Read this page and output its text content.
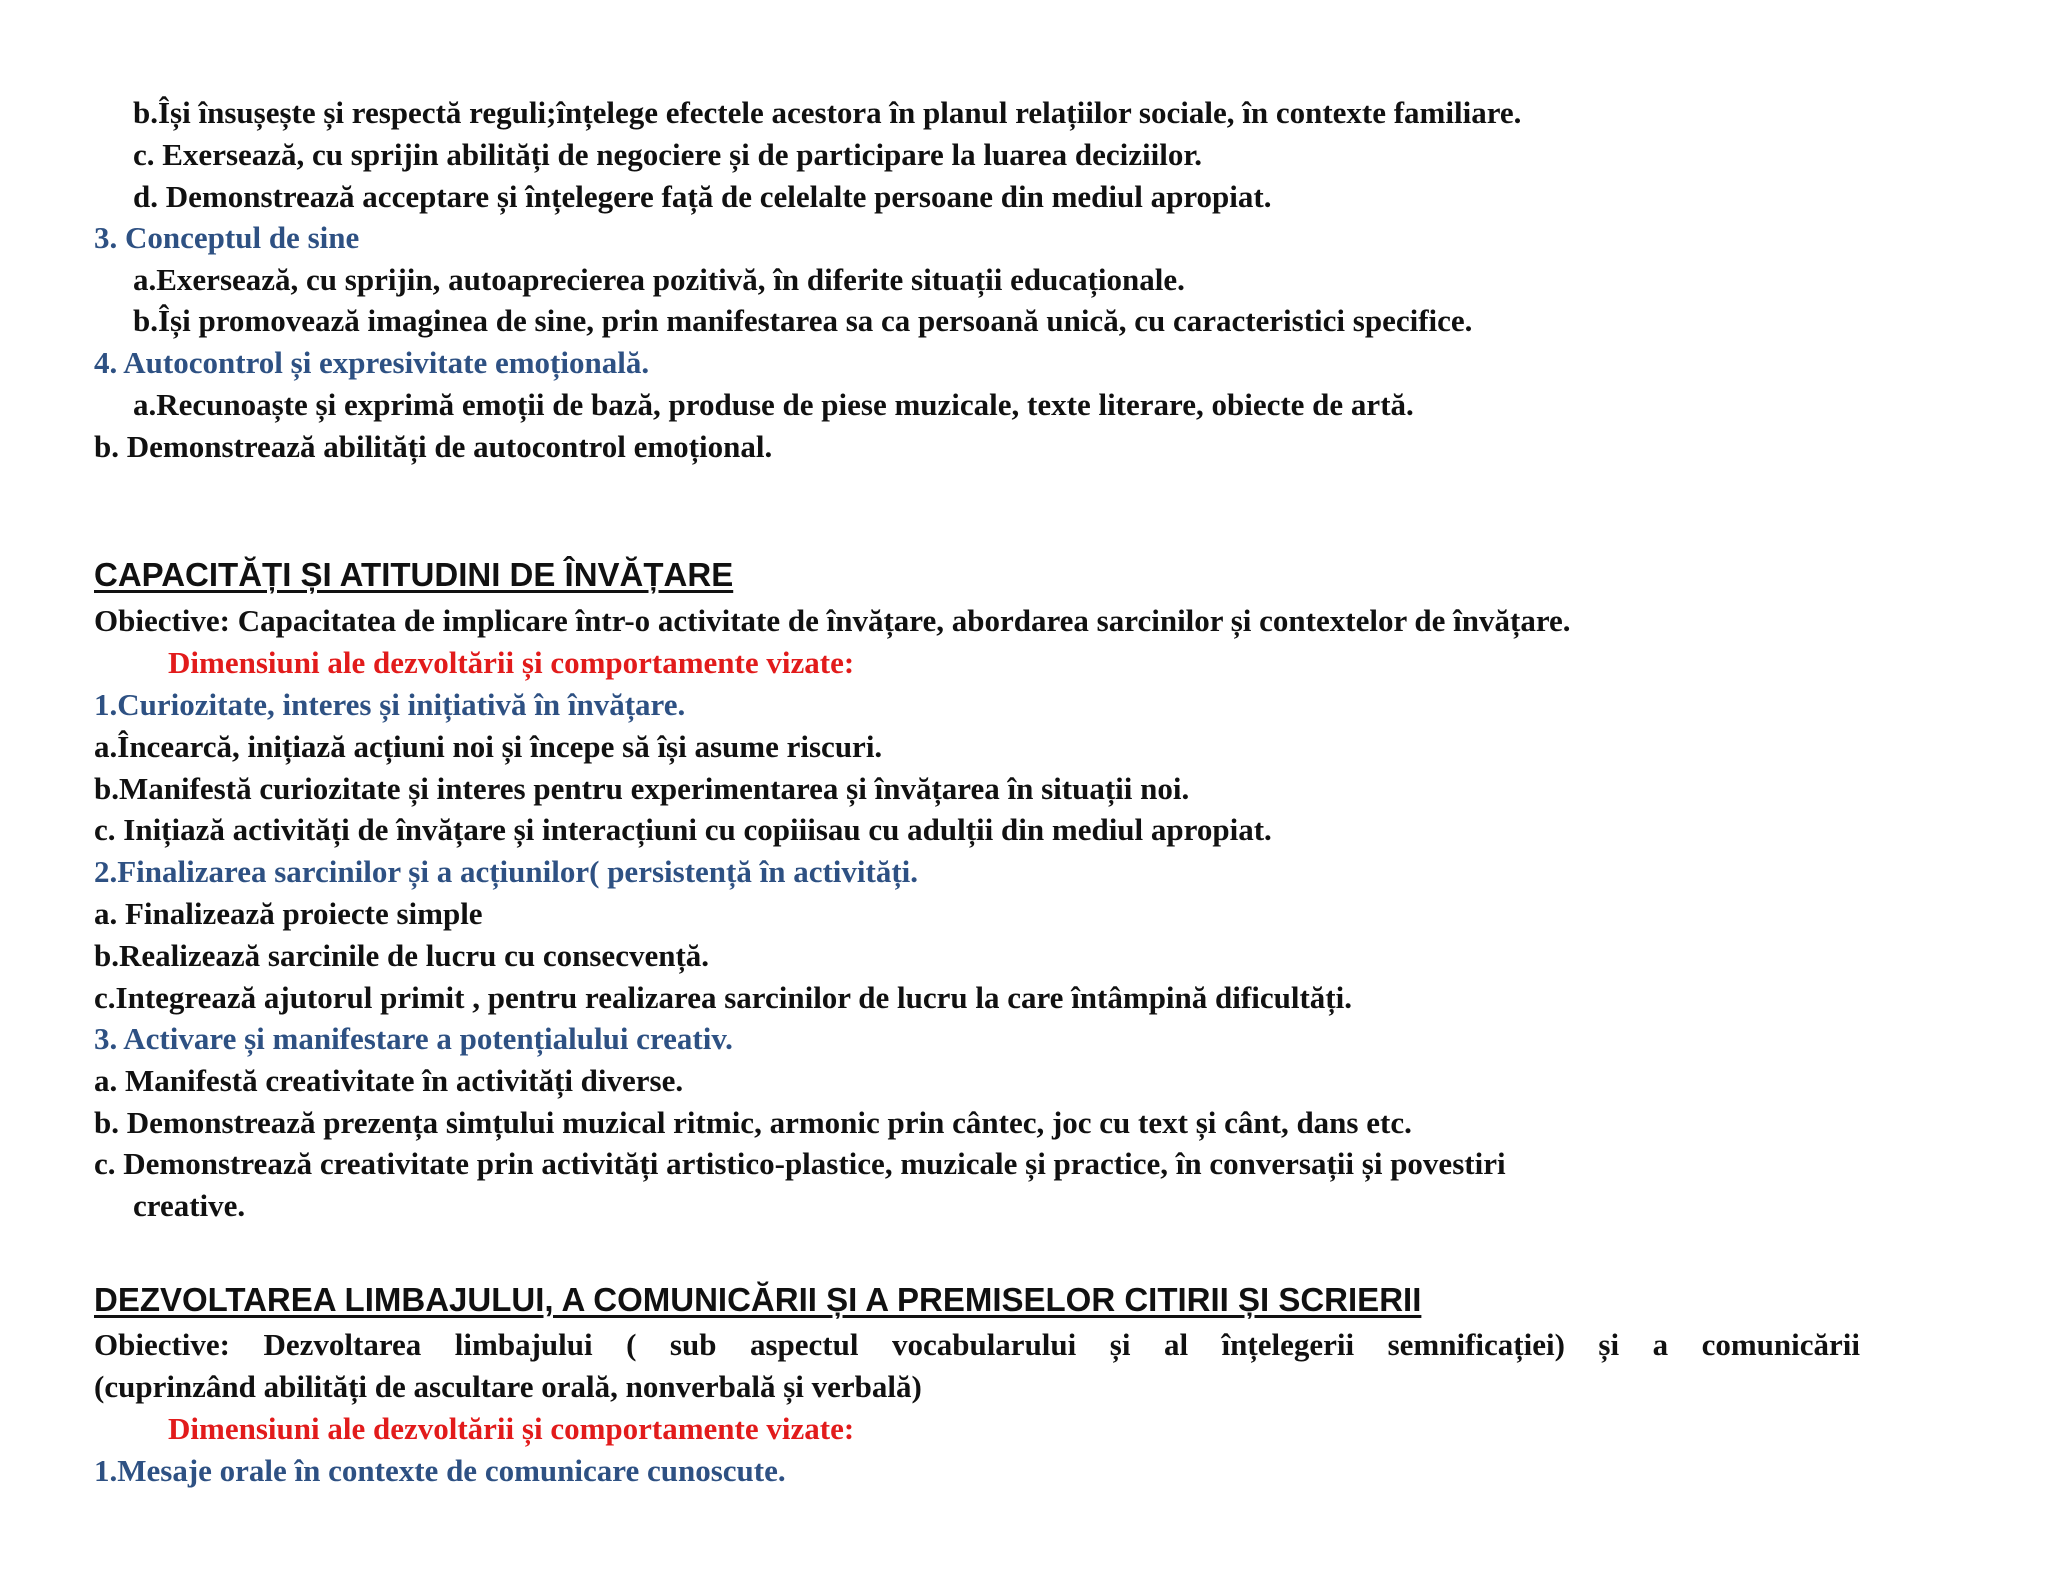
b.Își însușește și respectă reguli;înțelege efectele acestora în planul relațiilor sociale, în contexte familiare.
c. Exersează, cu sprijin abilități de negociere și de participare la luarea deciziilor.
d. Demonstrează acceptare și înțelegere față de celelalte persoane din mediul apropiat.
3. Conceptul de sine
a.Exersează, cu sprijin, autoaprecierea pozitivă, în diferite situații educaționale.
b.Își promovează imaginea de sine, prin manifestarea sa ca persoană unică, cu caracteristici specifice.
4. Autocontrol și expresivitate emoțională.
a.Recunoaște și exprimă emoții de bază, produse de piese muzicale, texte literare, obiecte de artă.
b. Demonstrează abilități de autocontrol emoțional.
CAPACITĂȚI ȘI ATITUDINI DE ÎNVĂȚARE
Obiective: Capacitatea de implicare într-o activitate de învățare, abordarea sarcinilor și contextelor de învățare.
Dimensiuni ale dezvoltării și comportamente vizate:
1.Curiozitate, interes și inițiativă în învățare.
a.Încearcă, inițiază acțiuni noi și începe să își asume riscuri.
b.Manifestă curiozitate și interes pentru experimentarea și învățarea în situații noi.
c. Inițiază activități de învățare și interacțiuni cu copiiisau cu adulții din mediul apropiat.
2.Finalizarea sarcinilor și a acțiunilor( persistență în activități.
a. Finalizează proiecte simple
b.Realizează sarcinile de lucru cu consecvență.
c.Integrează ajutorul primit , pentru realizarea sarcinilor de lucru la care întâmpină dificultăți.
3. Activare și manifestare a potențialului creativ.
a. Manifestă creativitate în activități diverse.
b. Demonstrează prezența simțului muzical ritmic, armonic prin cântec, joc cu text și cânt, dans etc.
c. Demonstrează creativitate prin activități artistico-plastice, muzicale și practice, în conversații și povestiri
creative.
DEZVOLTAREA LIMBAJULUI, A COMUNICĂRII ȘI A PREMISELOR CITIRII ȘI SCRIERII
Obiective: Dezvoltarea limbajului ( sub aspectul vocabularului și al înțelegerii semnificației) și a comunicării
(cuprinzând abilități de ascultare orală, nonverbală și verbală)
Dimensiuni ale dezvoltării și comportamente vizate:
1.Mesaje orale în contexte de comunicare cunoscute.
